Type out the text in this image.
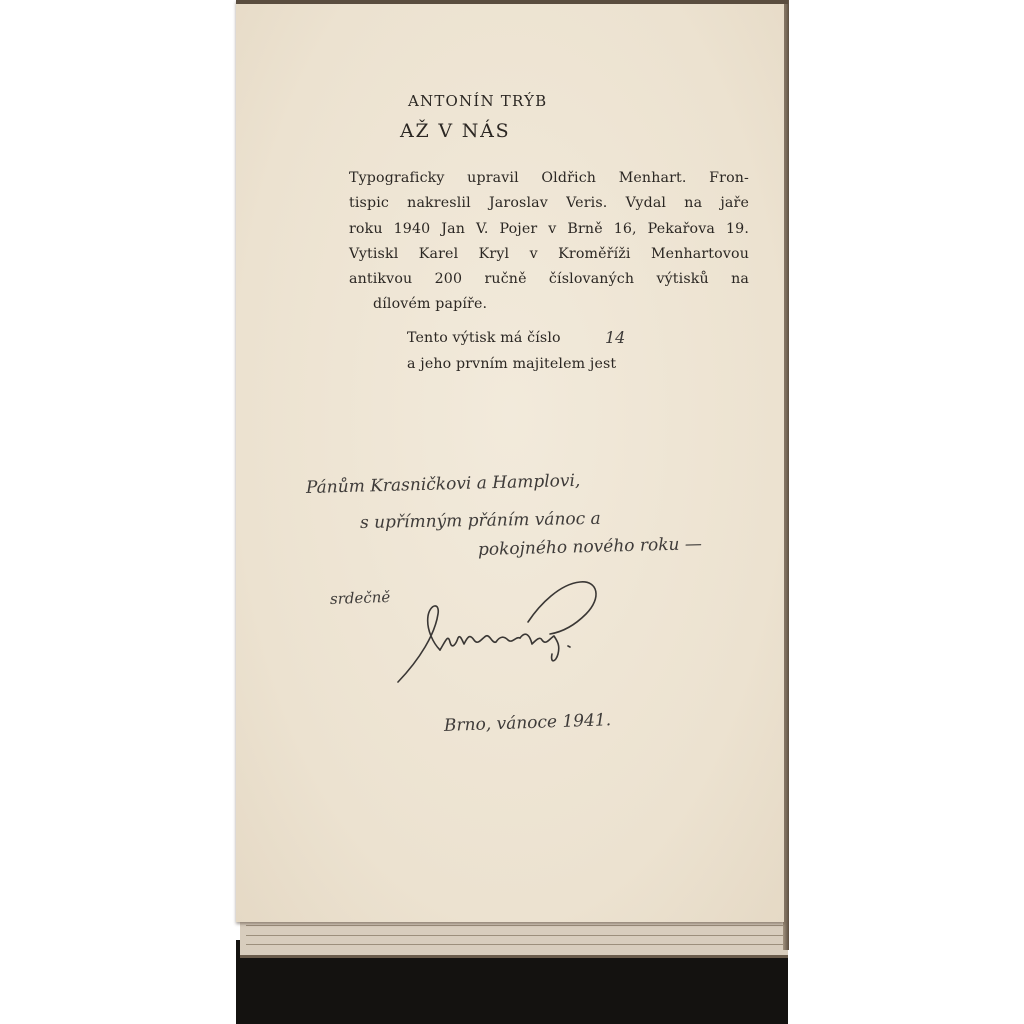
ANTONÍN TRÝB
AŽ V NÁS
Typograficky upravil Oldřich Menhart. Fron-
tispic nakreslil Jaroslav Veris. Vydal na jaře
roku 1940 Jan V. Pojer v Brně 16, Pekařova 19.
Vytiskl Karel Kryl v Kroměříži Menhartovou
antikvou 200 ručně číslovaných výtisků na
dílovém papíře.
Tento výtisk má číslo	14
a jeho prvním majitelem jest
Pánům Krasničkovi a Hamplovi,
s upřímným přáním vánoc a
pokojného nového roku —
srdečně
Brno, vánoce 1941.
